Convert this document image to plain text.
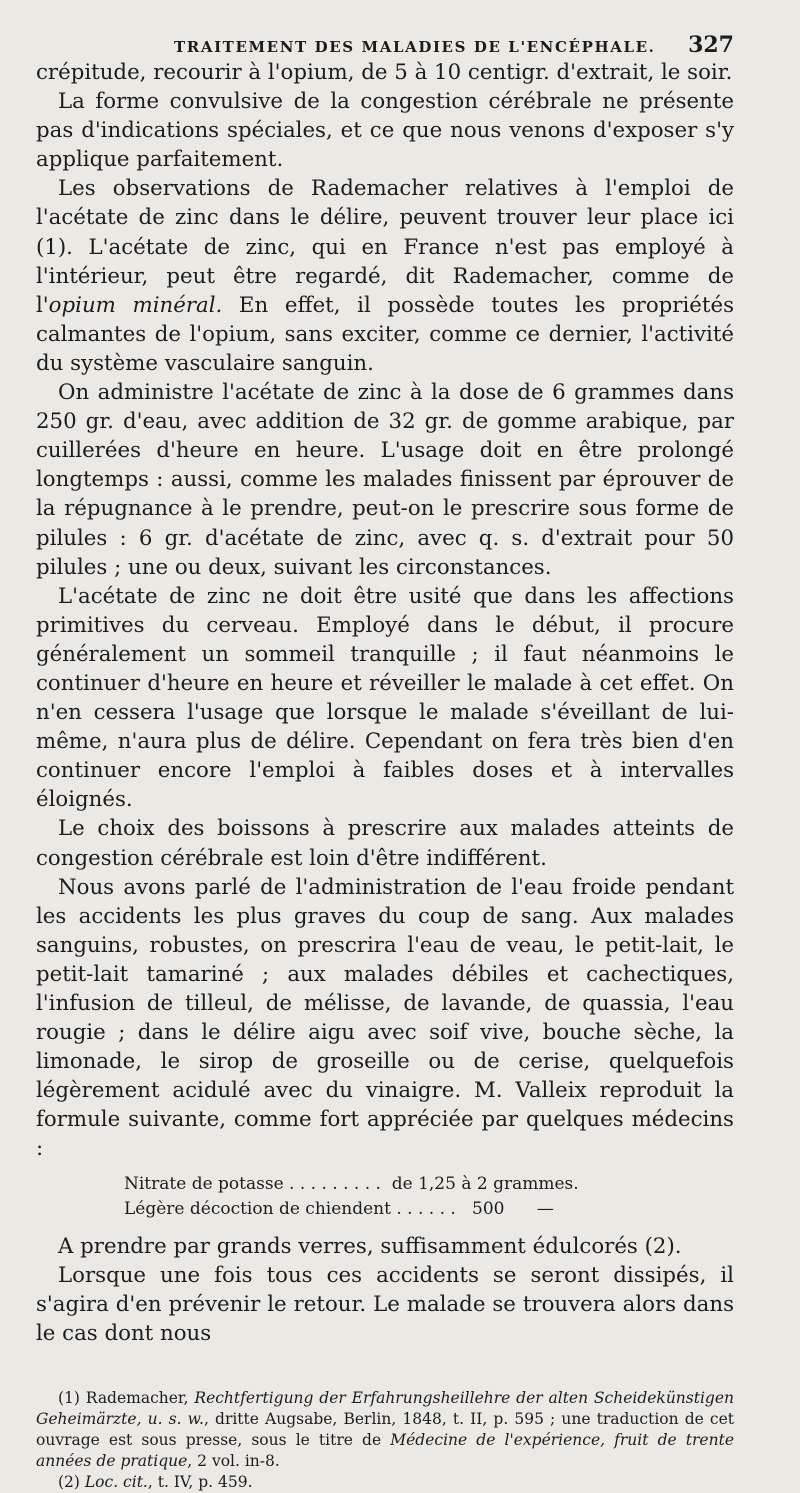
TRAITEMENT DES MALADIES DE L'ENCÉPHALE. 327

crépitude, recourir à l'opium, de 5 à 10 centigr. d'extrait, le soir.

La forme convulsive de la congestion cérébrale ne présente pas d'indications spéciales, et ce que nous venons d'exposer s'y applique parfaitement.

Les observations de Rademacher relatives à l'emploi de l'acétate de zinc dans le délire, peuvent trouver leur place ici (1). L'acétate de zinc, qui en France n'est pas employé à l'intérieur, peut être regardé, dit Rademacher, comme de l'opium minéral. En effet, il possède toutes les propriétés calmantes de l'opium, sans exciter, comme ce dernier, l'activité du système vasculaire sanguin.

On administre l'acétate de zinc à la dose de 6 grammes dans 250 gr. d'eau, avec addition de 32 gr. de gomme arabique, par cuillerées d'heure en heure. L'usage doit en être prolongé longtemps : aussi, comme les malades finissent par éprouver de la répugnance à le prendre, peut-on le prescrire sous forme de pilules : 6 gr. d'acétate de zinc, avec q. s. d'extrait pour 50 pilules ; une ou deux, suivant les circonstances.

L'acétate de zinc ne doit être usité que dans les affections primitives du cerveau. Employé dans le début, il procure généralement un sommeil tranquille ; il faut néanmoins le continuer d'heure en heure et réveiller le malade à cet effet. On n'en cessera l'usage que lorsque le malade s'éveillant de lui-même, n'aura plus de délire. Cependant on fera très bien d'en continuer encore l'emploi à faibles doses et à intervalles éloignés.

Le choix des boissons à prescrire aux malades atteints de congestion cérébrale est loin d'être indifférent.

Nous avons parlé de l'administration de l'eau froide pendant les accidents les plus graves du coup de sang. Aux malades sanguins, robustes, on prescrira l'eau de veau, le petit-lait, le petit-lait tamariné ; aux malades débiles et cachectiques, l'infusion de tilleul, de mélisse, de lavande, de quassia, l'eau rougie ; dans le délire aigu avec soif vive, bouche sèche, la limonade, le sirop de groseille ou de cerise, quelquefois légèrement acidulé avec du vinaigre. M. Valleix reproduit la formule suivante, comme fort appréciée par quelques médecins :

Nitrate de potasse . . . . . . . . .  de 1,25 à 2 grammes.
Légère décoction de chiendent . . . . . .   500      —

A prendre par grands verres, suffisamment édulcorés (2).

Lorsque une fois tous ces accidents se seront dissipés, il s'agira d'en prévenir le retour. Le malade se trouvera alors dans le cas dont nous

(1) Rademacher, Rechtfertigung der Erfahrungsheillehre der alten Scheidekünstigen Geheimärzte, u. s. w., dritte Augsabe, Berlin, 1848, t. II, p. 595 ; une traduction de cet ouvrage est sous presse, sous le titre de Médecine de l'expérience, fruit de trente années de pratique, 2 vol. in-8.

(2) Loc. cit., t. IV, p. 459.
